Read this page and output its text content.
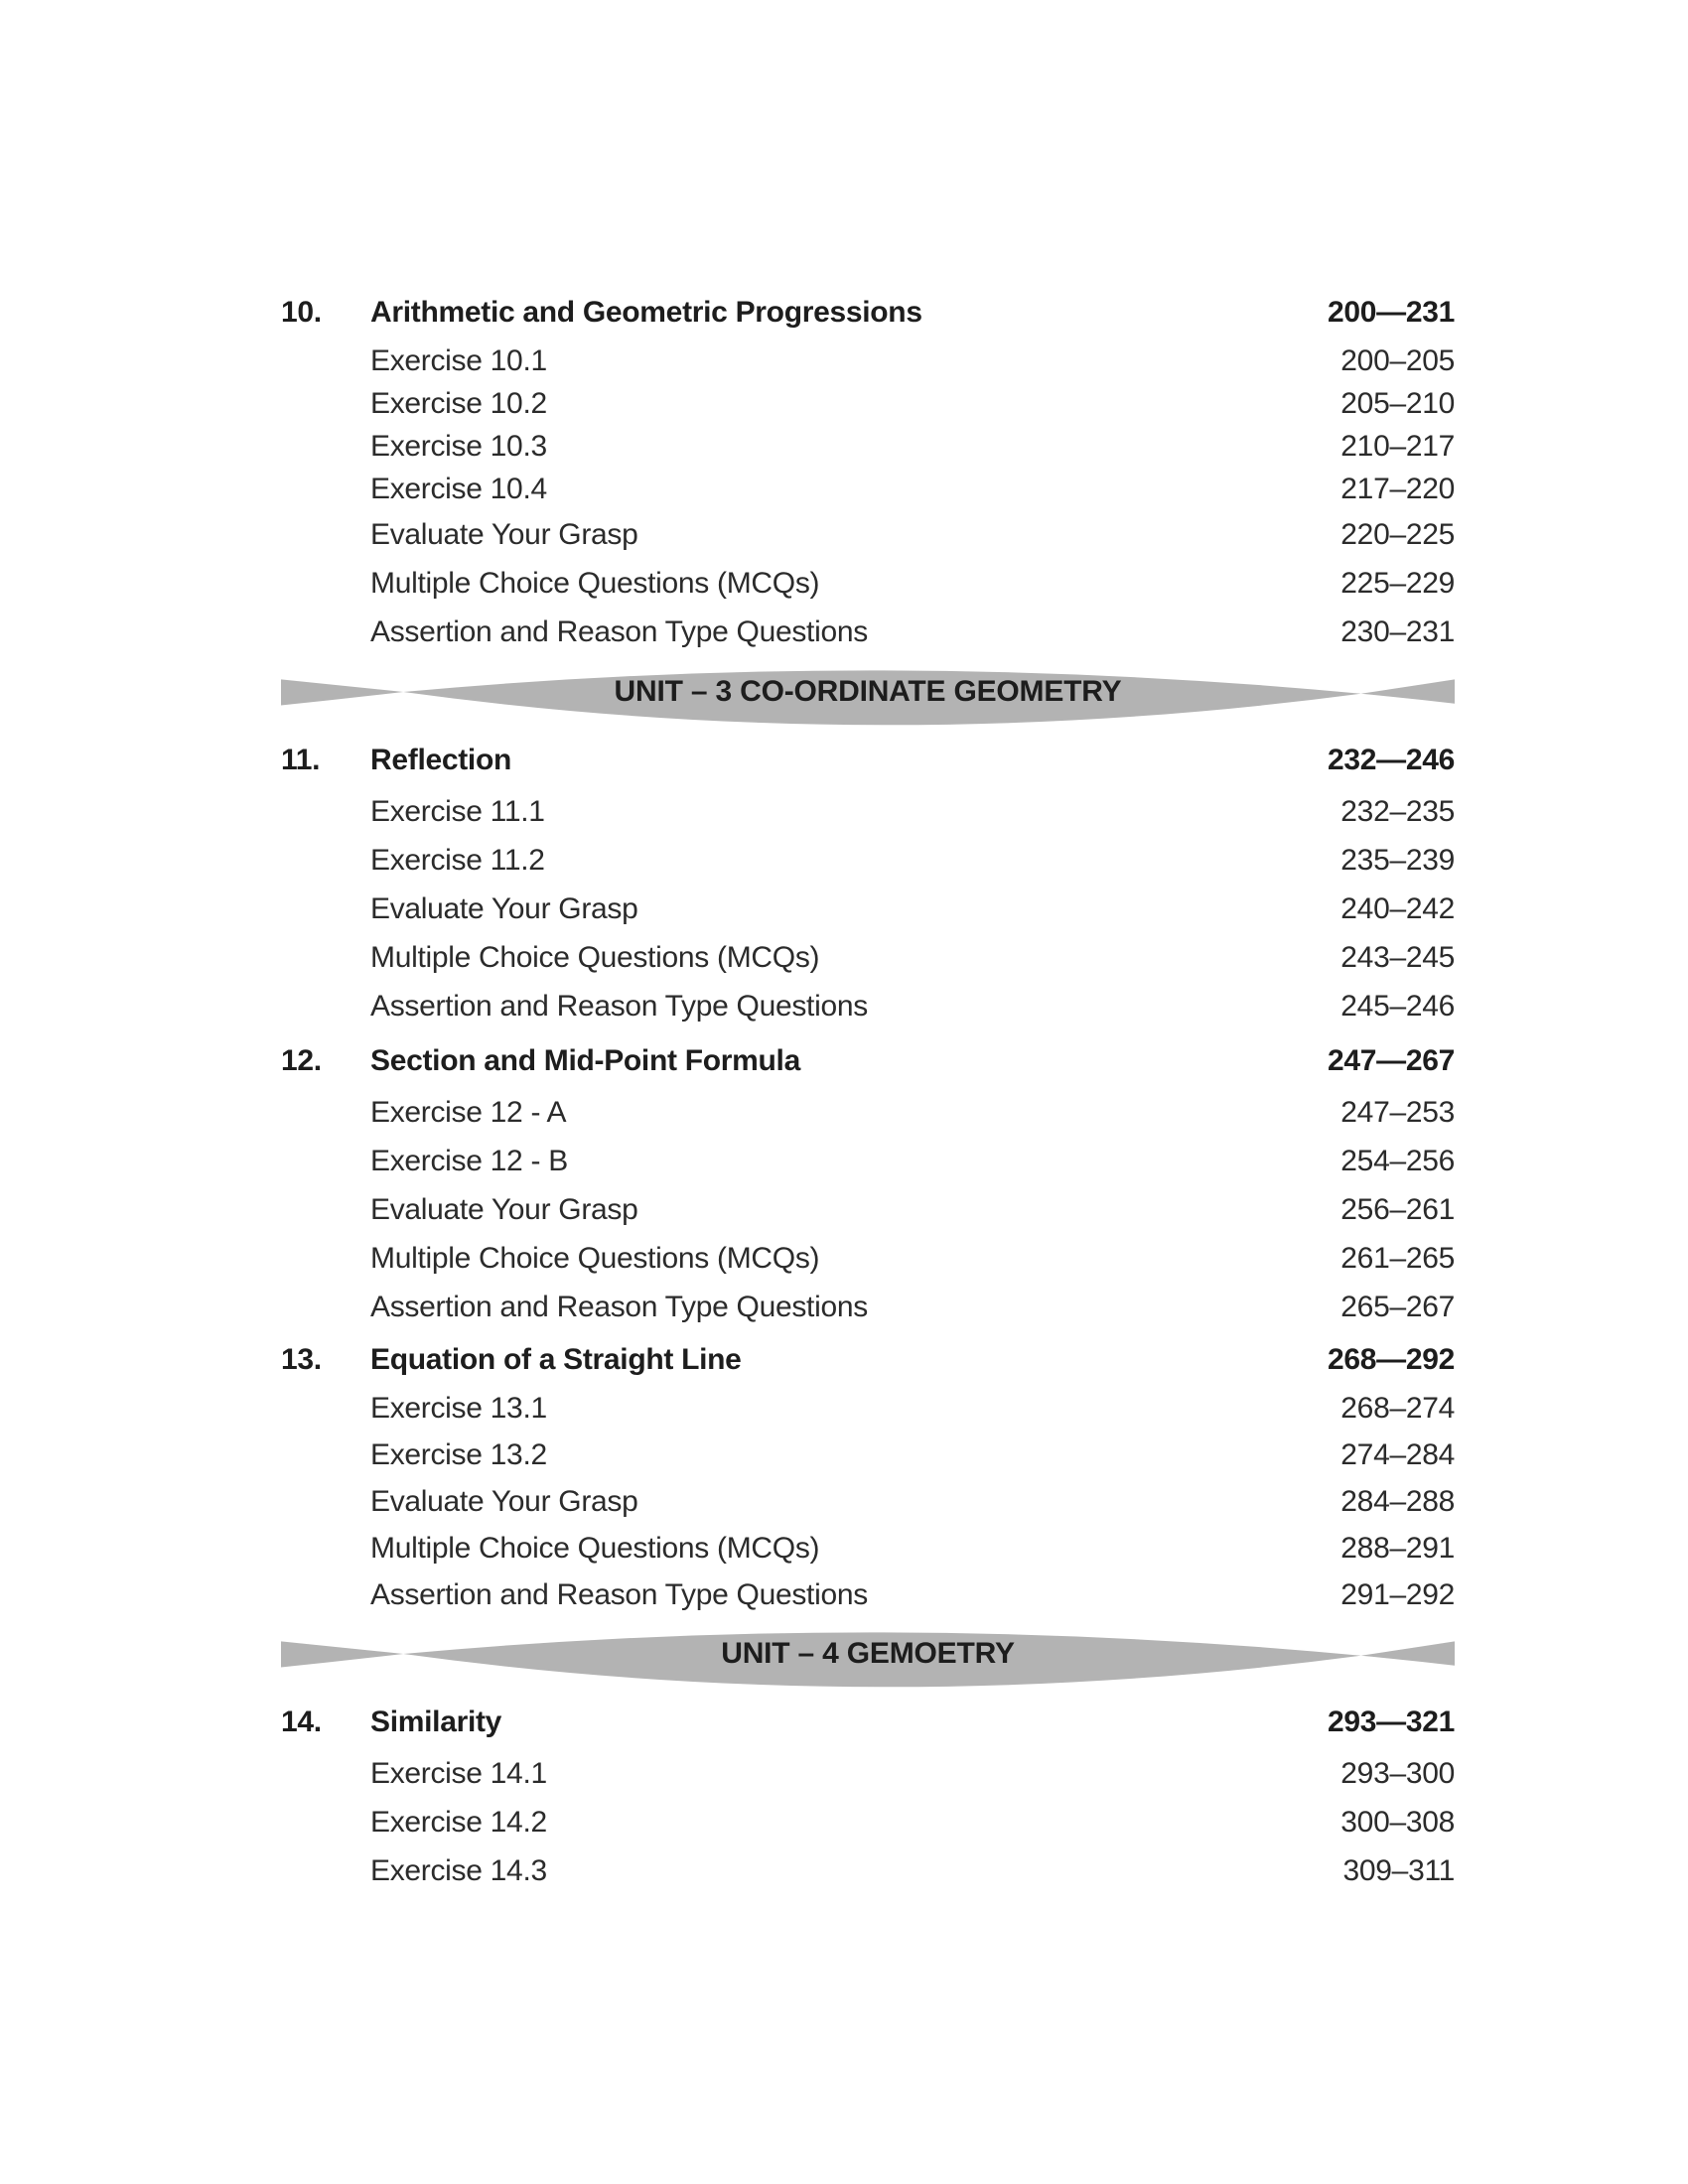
10.	Arithmetic and Geometric Progressions	200—231
Exercise 10.1	200–205
Exercise 10.2	205–210
Exercise 10.3	210–217
Exercise 10.4	217–220
Evaluate Your Grasp	220–225
Multiple Choice Questions (MCQs)	225–229
Assertion and Reason Type Questions	230–231
UNIT – 3 CO-ORDINATE GEOMETRY
11.	Reflection	232—246
Exercise 11.1	232–235
Exercise 11.2	235–239
Evaluate Your Grasp	240–242
Multiple Choice Questions (MCQs)	243–245
Assertion and Reason Type Questions	245–246
12.	Section and Mid-Point Formula	247—267
Exercise 12 - A	247–253
Exercise 12 - B	254–256
Evaluate Your Grasp	256–261
Multiple Choice Questions (MCQs)	261–265
Assertion and Reason Type Questions	265–267
13.	Equation of a Straight Line	268—292
Exercise 13.1	268–274
Exercise 13.2	274–284
Evaluate Your Grasp	284–288
Multiple Choice Questions (MCQs)	288–291
Assertion and Reason Type Questions	291–292
UNIT – 4 GEMOETRY
14.	Similarity	293—321
Exercise 14.1	293–300
Exercise 14.2	300–308
Exercise 14.3	309–311
